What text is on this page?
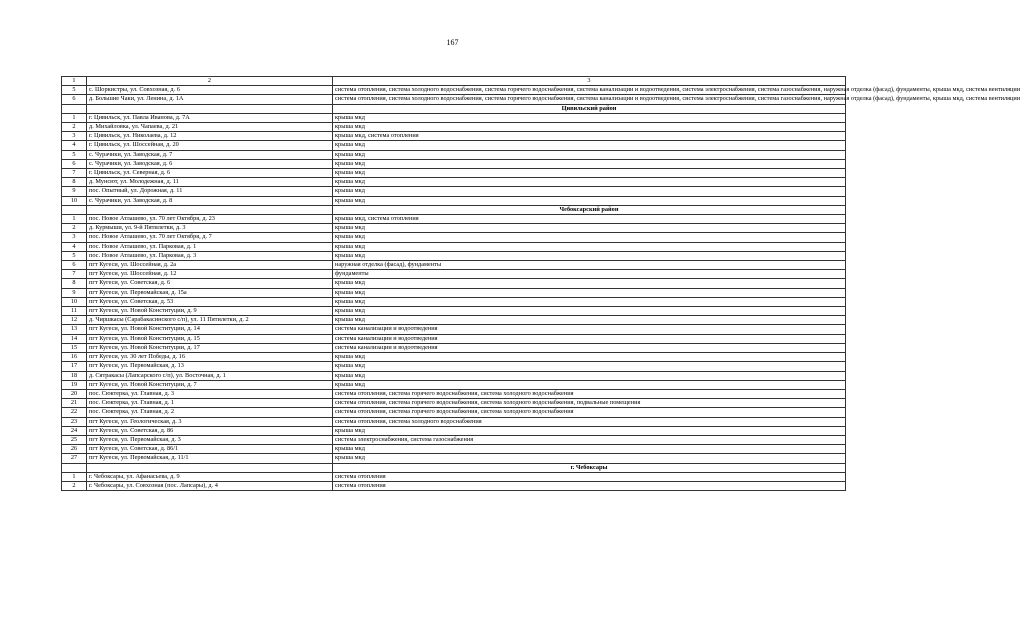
167
1	2	3
5	с. Шоркистры, ул. Совхозная, д. 6	система отопления, система холодного водоснабжения, система горячего водоснабжения, система канализации и водоотведения, система электроснабжения, система газоснабжения, наружная отделка (фасад), фундаменты, крыша мкд, система вентиляции
6	д. Большие Чаки, ул. Ленина, д. 1А	система отопления, система холодного водоснабжения, система горячего водоснабжения, система канализации и водоотведения, система электроснабжения, система газоснабжения, наружная отделка (фасад), фундаменты, крыша мкд, система вентиляции
		Цивильский район
1	г. Цивильск, ул. Павла Иванова, д. 7А	крыша мкд
2	д. Михайловка, ул. Чапаева, д. 21	крыша мкд
3	г. Цивильск, ул. Николаева, д. 12	крыша мкд, система отопления
4	г. Цивильск, ул. Шоссейная, д. 20	крыша мкд
5	с. Чурачики, ул. Заводская, д. 7	крыша мкд
6	с. Чурачики, ул. Заводская, д. 6	крыша мкд
7	г. Цивильск, ул. Северная, д. 6	крыша мкд
8	д. Мунсют, ул. Молодежная, д. 11	крыша мкд
9	пос. Опытный, ул. Дорожная, д. 11	крыша мкд
10	с. Чурачики, ул. Заводская, д. 8	крыша мкд
		Чебоксарский район
1	пос. Новое Атлашево, ул. 70 лет Октября, д. 23	крыша мкд, система отопления
2	д. Курмыши, ул. 9-й Пятилетки, д. 3	крыша мкд
3	пос. Новое Атлашево, ул. 70 лет Октября, д. 7	крыша мкд
4	пос. Новое Атлашево, ул. Парковая, д. 1	крыша мкд
5	пос. Новое Атлашево, ул. Парковая, д. 3	крыша мкд
6	пгт Кугеси, ул. Шоссейная, д. 2а	наружная отделка (фасад), фундаменты
7	пгт Кугеси, ул. Шоссейная, д. 12	фундаменты
8	пгт Кугеси, ул. Советская, д. 6	крыша мкд
9	пгт Кугеси, ул. Первомайская, д. 15а	крыша мкд
10	пгт Кугеси, ул. Советская, д. 53	крыша мкд
11	пгт Кугеси, ул. Новой Конституции, д. 9	крыша мкд
12	д. Чиршкасы (Сарабакасинского с/п), ул. 11 Пятилетки, д. 2	крыша мкд
13	пгт Кугеси, ул. Новой Конституции, д. 14	система канализации и водоотведения
14	пгт Кугеси, ул. Новой Конституции, д. 15	система канализации и водоотведения
15	пгт Кугеси, ул. Новой Конституции, д. 17	система канализации и водоотведения
16	пгт Кугеси, ул. 30 лет Победы, д. 16	крыша мкд
17	пгт Кугеси, ул. Первомайская, д. 13	крыша мкд
18	д. Сятракасы (Лапсарского с/п), ул. Восточная, д. 1	крыша мкд
19	пгт Кугеси, ул. Новой Конституции, д. 7	крыша мкд
20	пос. Сюктерка, ул. Главная, д. 3	система отопления, система горячего водоснабжения, система холодного водоснабжения
21	пос. Сюктерка, ул. Главная, д. 1	система отопления, система горячего водоснабжения, система холодного водоснабжения, подвальные помещения
22	пос. Сюктерка, ул. Главная, д. 2	система отопления, система горячего водоснабжения, система холодного водоснабжения
23	пгт Кугеси, ул. Геологическая, д. 3	система отопления, система холодного водоснабжения
24	пгт Кугеси, ул. Советская, д. 86	крыша мкд
25	пгт Кугеси, ул. Первомайская, д. 3	система электроснабжения, система газоснабжения
26	пгт Кугеси, ул. Советская, д. 86/1	крыша мкд
27	пгт Кугеси, ул. Первомайская, д. 11/1	крыша мкд
		г. Чебоксары
1	г. Чебоксары, ул. Афанасьева, д. 9	система отопления
2	г. Чебоксары, ул. Совхозная (пос. Лапсары), д. 4	система отопления
